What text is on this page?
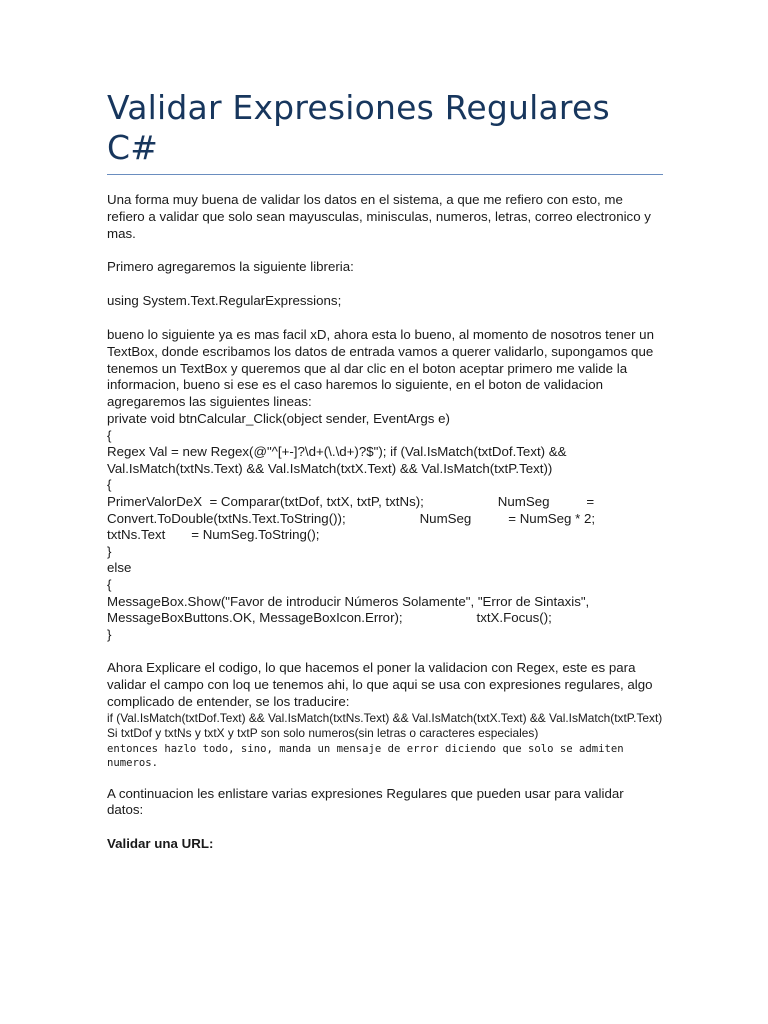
Validar Expresiones Regulares C#

Una forma muy buena de validar los datos en el sistema, a que me refiero con esto, me refiero a validar que solo sean mayusculas, minisculas, numeros, letras, correo electronico y mas.

Primero agregaremos la siguiente libreria:

using System.Text.RegularExpressions;

bueno lo siguiente ya es mas facil xD, ahora esta lo bueno, al momento de nosotros tener un TextBox, donde escribamos los datos de entrada vamos a querer validarlo, supongamos que tenemos un TextBox y queremos que al dar clic en el boton aceptar primero me valide la informacion, bueno si ese es el caso haremos lo siguiente, en el boton de validacion agregaremos las siguientes lineas:

private void btnCalcular_Click(object sender, EventArgs e)
{
Regex Val = new Regex(@"^[+-]?\d+(\.\d+)?$"); if (Val.IsMatch(txtDof.Text) &&
Val.IsMatch(txtNs.Text) && Val.IsMatch(txtX.Text) && Val.IsMatch(txtP.Text))
{
PrimerValorDeX  = Comparar(txtDof, txtX, txtP, txtNs);                    NumSeg          =
Convert.ToDouble(txtNs.Text.ToString());                    NumSeg          = NumSeg * 2;
txtNs.Text       = NumSeg.ToString();
}
else
{
MessageBox.Show("Favor de introducir Números Solamente", "Error de Sintaxis",
MessageBoxButtons.OK, MessageBoxIcon.Error);                    txtX.Focus();
}

Ahora Explicare el codigo, lo que hacemos el poner la validacion con Regex, este es para validar el campo con loq ue tenemos ahi, lo que aqui se usa con expresiones regulares, algo complicado de entender, se los traducire:

if (Val.IsMatch(txtDof.Text) && Val.IsMatch(txtNs.Text) && Val.IsMatch(txtX.Text) && Val.IsMatch(txtP.Text)

Si txtDof y txtNs y txtX y txtP son solo numeros(sin letras o caracteres especiales)

entonces hazlo todo, sino, manda un mensaje de error diciendo que solo se admiten numeros.

A continuacion les enlistare varias expresiones Regulares que pueden usar para validar datos:

Validar una URL:
